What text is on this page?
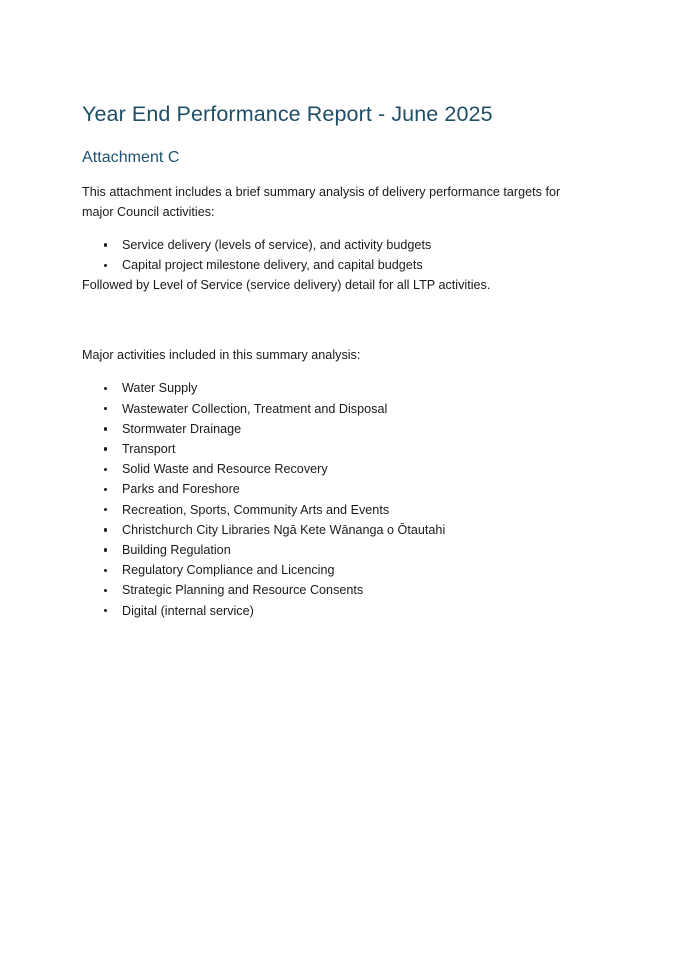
Year End Performance Report - June 2025
Attachment C

This attachment includes a brief summary analysis of delivery performance targets for major Council activities:

Service delivery (levels of service), and activity budgets
Capital project milestone delivery, and capital budgets

Followed by Level of Service (service delivery) detail for all LTP activities.

Major activities included in this summary analysis:

Water Supply
Wastewater Collection, Treatment and Disposal
Stormwater Drainage
Transport
Solid Waste and Resource Recovery
Parks and Foreshore
Recreation, Sports, Community Arts and Events
Christchurch City Libraries Ngā Kete Wānanga o Ōtautahi
Building Regulation
Regulatory Compliance and Licencing
Strategic Planning and Resource Consents
Digital (internal service)
